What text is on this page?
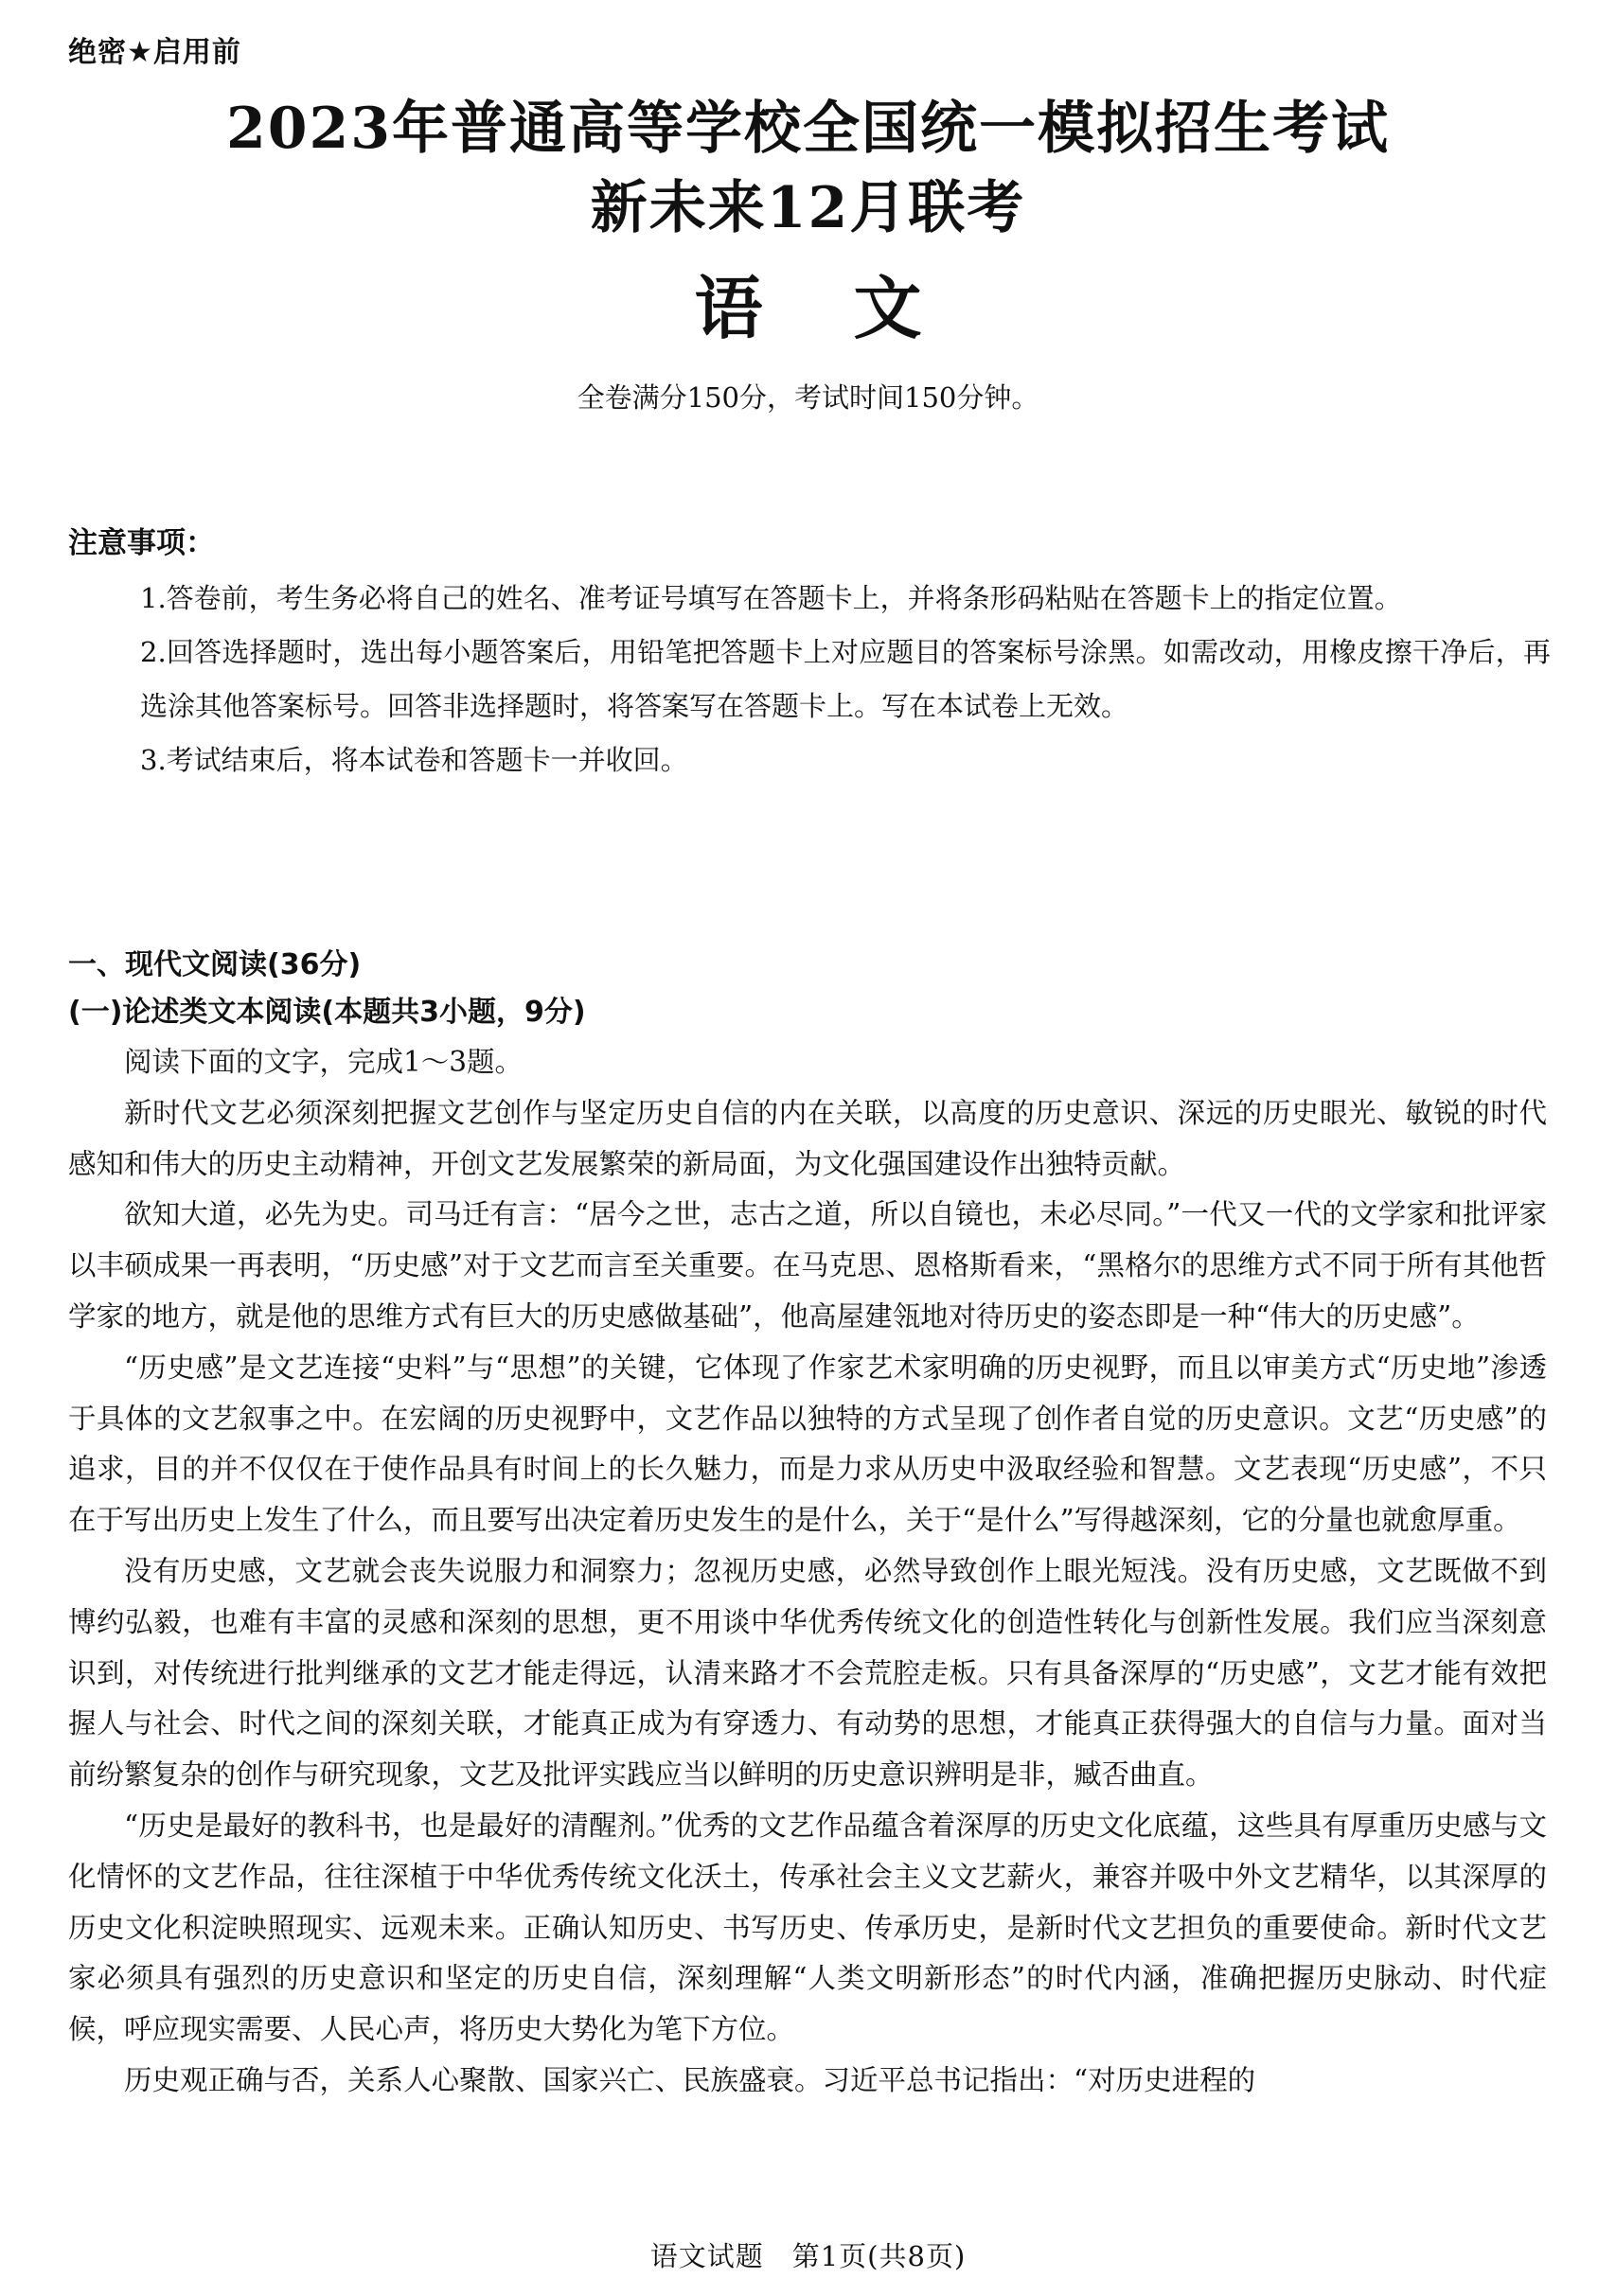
绝密★启用前
2023年普通高等学校全国统一模拟招生考试
新未来12月联考
语文
全卷满分150分，考试时间150分钟。
注意事项：

1.答卷前，考生务必将自己的姓名、准考证号填写在答题卡上，并将条形码粘贴在答题卡上的指定位置。

2.回答选择题时，选出每小题答案后，用铅笔把答题卡上对应题目的答案标号涂黑。如需改动，用橡皮擦干净后，再选涂其他答案标号。回答非选择题时，将答案写在答题卡上。写在本试卷上无效。

3.考试结束后，将本试卷和答题卡一并收回。

一、现代文阅读(36分)
(一)论述类文本阅读(本题共3小题，9分)

阅读下面的文字，完成1～3题。

新时代文艺必须深刻把握文艺创作与坚定历史自信的内在关联，以高度的历史意识、深远的历史眼光、敏锐的时代感知和伟大的历史主动精神，开创文艺发展繁荣的新局面，为文化强国建设作出独特贡献。

欲知大道，必先为史。司马迁有言：“居今之世，志古之道，所以自镜也，未必尽同。”一代又一代的文学家和批评家以丰硕成果一再表明，“历史感”对于文艺而言至关重要。在马克思、恩格斯看来，“黑格尔的思维方式不同于所有其他哲学家的地方，就是他的思维方式有巨大的历史感做基础”，他高屋建瓴地对待历史的姿态即是一种“伟大的历史感”。

“历史感”是文艺连接“史料”与“思想”的关键，它体现了作家艺术家明确的历史视野，而且以审美方式“历史地”渗透于具体的文艺叙事之中。在宏阔的历史视野中，文艺作品以独特的方式呈现了创作者自觉的历史意识。文艺“历史感”的追求，目的并不仅仅在于使作品具有时间上的长久魅力，而是力求从历史中汲取经验和智慧。文艺表现“历史感”，不只在于写出历史上发生了什么，而且要写出决定着历史发生的是什么，关于“是什么”写得越深刻，它的分量也就愈厚重。

没有历史感，文艺就会丧失说服力和洞察力；忽视历史感，必然导致创作上眼光短浅。没有历史感，文艺既做不到博约弘毅，也难有丰富的灵感和深刻的思想，更不用谈中华优秀传统文化的创造性转化与创新性发展。我们应当深刻意识到，对传统进行批判继承的文艺才能走得远，认清来路才不会荒腔走板。只有具备深厚的“历史感”，文艺才能有效把握人与社会、时代之间的深刻关联，才能真正成为有穿透力、有动势的思想，才能真正获得强大的自信与力量。面对当前纷繁复杂的创作与研究现象，文艺及批评实践应当以鲜明的历史意识辨明是非，臧否曲直。

“历史是最好的教科书，也是最好的清醒剂。”优秀的文艺作品蕴含着深厚的历史文化底蕴，这些具有厚重历史感与文化情怀的文艺作品，往往深植于中华优秀传统文化沃土，传承社会主义文艺薪火，兼容并吸中外文艺精华，以其深厚的历史文化积淀映照现实、远观未来。正确认知历史、书写历史、传承历史，是新时代文艺担负的重要使命。新时代文艺家必须具有强烈的历史意识和坚定的历史自信，深刻理解“人类文明新形态”的时代内涵，准确把握历史脉动、时代症候，呼应现实需要、人民心声，将历史大势化为笔下方位。

历史观正确与否，关系人心聚散、国家兴亡、民族盛衰。习近平总书记指出：“对历史进程的

语文试题　第1页(共8页)
